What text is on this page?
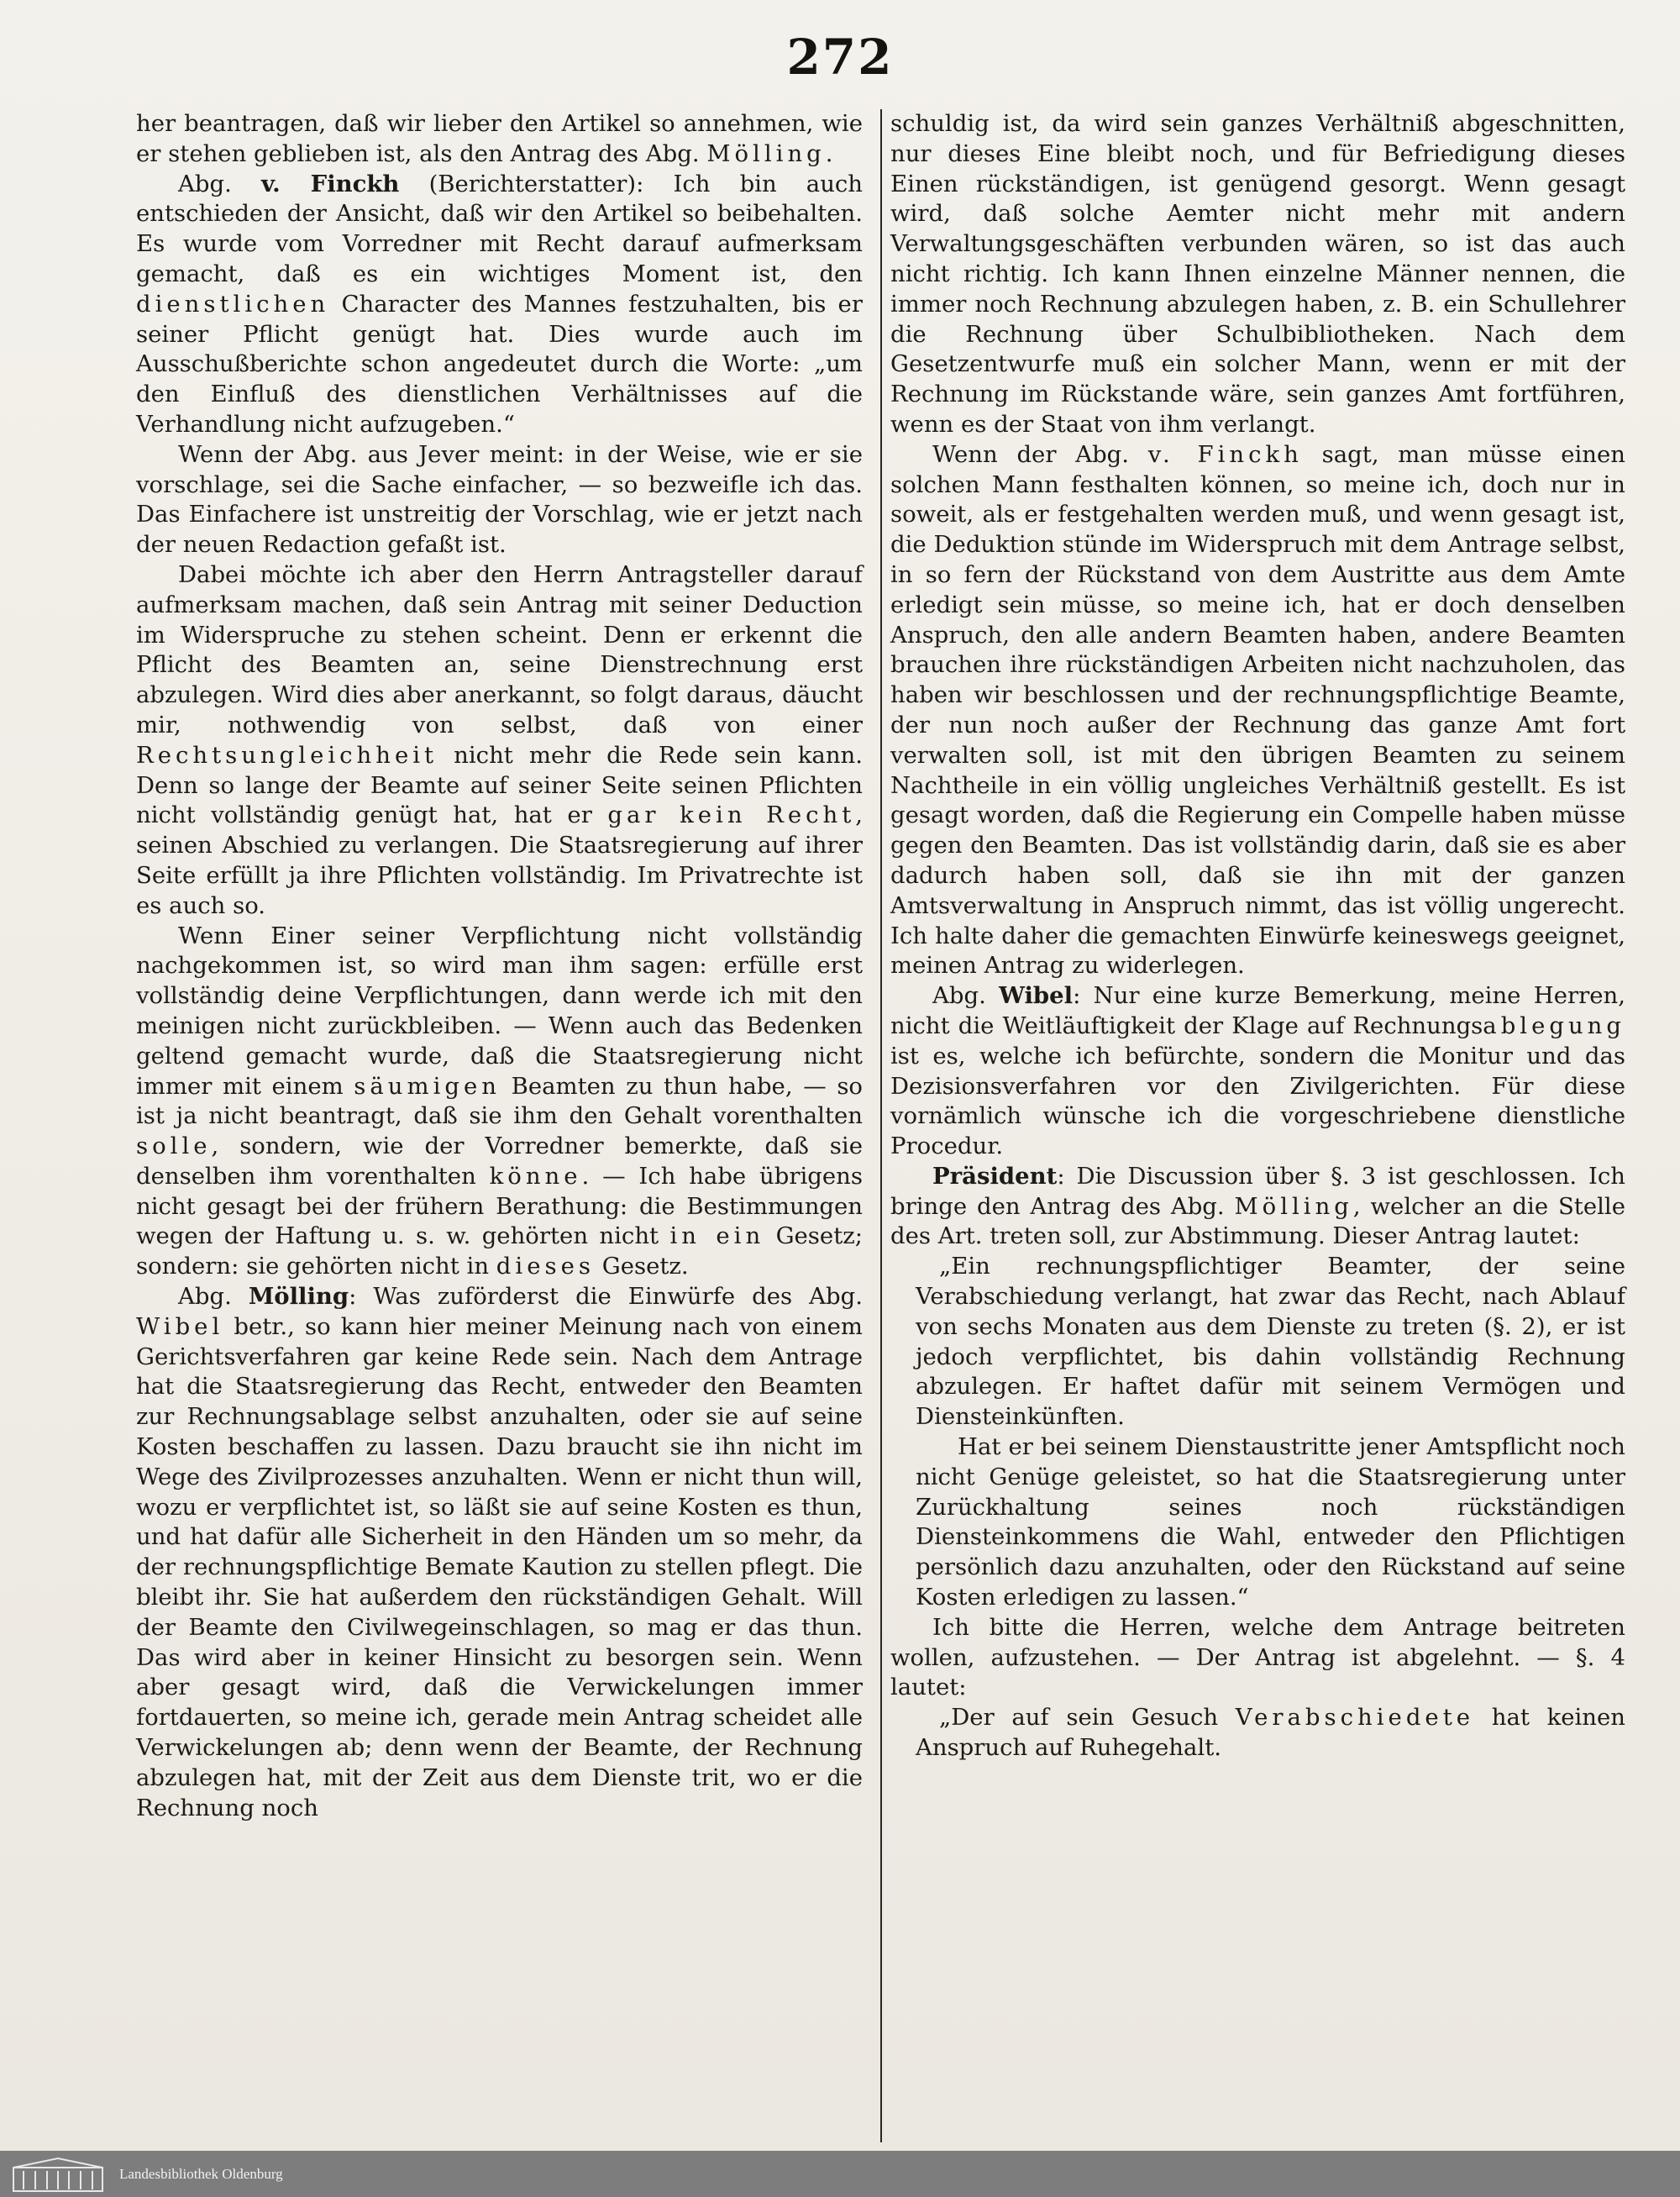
272

her beantragen, daß wir lieber den Artikel so annehmen, wie er stehen geblieben ist, als den Antrag des Abg. Mölling.

Abg. v. Finckh (Berichterstatter): Ich bin auch entschieden der Ansicht, daß wir den Artikel so beibehalten. Es wurde vom Vorredner mit Recht darauf aufmerksam gemacht, daß es ein wichtiges Moment ist, den dienstlichen Character des Mannes festzuhalten, bis er seiner Pflicht genügt hat. Dies wurde auch im Ausschußberichte schon angedeutet durch die Worte: „um den Einfluß des dienstlichen Verhältnisses auf die Verhandlung nicht aufzugeben.“

Wenn der Abg. aus Jever meint: in der Weise, wie er sie vorschlage, sei die Sache einfacher, — so bezweifle ich das. Das Einfachere ist unstreitig der Vorschlag, wie er jetzt nach der neuen Redaction gefaßt ist.

Dabei möchte ich aber den Herrn Antragsteller darauf aufmerksam machen, daß sein Antrag mit seiner Deduction im Widerspruche zu stehen scheint. Denn er erkennt die Pflicht des Beamten an, seine Dienstrechnung erst abzulegen. Wird dies aber anerkannt, so folgt daraus, däucht mir, nothwendig von selbst, daß von einer Rechtsungleichheit nicht mehr die Rede sein kann. Denn so lange der Beamte auf seiner Seite seinen Pflichten nicht vollständig genügt hat, hat er gar kein Recht, seinen Abschied zu verlangen. Die Staatsregierung auf ihrer Seite erfüllt ja ihre Pflichten vollständig. Im Privatrechte ist es auch so.

Wenn Einer seiner Verpflichtung nicht vollständig nachgekommen ist, so wird man ihm sagen: erfülle erst vollständig deine Verpflichtungen, dann werde ich mit den meinigen nicht zurückbleiben. — Wenn auch das Bedenken geltend gemacht wurde, daß die Staatsregierung nicht immer mit einem säumigen Beamten zu thun habe, — so ist ja nicht beantragt, daß sie ihm den Gehalt vorenthalten solle, sondern, wie der Vorredner bemerkte, daß sie denselben ihm vorenthalten könne. — Ich habe übrigens nicht gesagt bei der frühern Berathung: die Bestimmungen wegen der Haftung u. s. w. gehörten nicht in ein Gesetz; sondern: sie gehörten nicht in dieses Gesetz.

Abg. Mölling: Was zuförderst die Einwürfe des Abg. Wibel betr., so kann hier meiner Meinung nach von einem Gerichtsverfahren gar keine Rede sein. Nach dem Antrage hat die Staatsregierung das Recht, entweder den Beamten zur Rechnungsablage selbst anzuhalten, oder sie auf seine Kosten beschaffen zu lassen. Dazu braucht sie ihn nicht im Wege des Zivilprozesses anzuhalten. Wenn er nicht thun will, wozu er verpflichtet ist, so läßt sie auf seine Kosten es thun, und hat dafür alle Sicherheit in den Händen um so mehr, da der rechnungspflichtige Bemate Kaution zu stellen pflegt. Die bleibt ihr. Sie hat außerdem den rückständigen Gehalt. Will der Beamte den Civilwegeinschlagen, so mag er das thun. Das wird aber in keiner Hinsicht zu besorgen sein. Wenn aber gesagt wird, daß die Verwickelungen immer fortdauerten, so meine ich, gerade mein Antrag scheidet alle Verwickelungen ab; denn wenn der Beamte, der Rechnung abzulegen hat, mit der Zeit aus dem Dienste trit, wo er die Rechnung noch

schuldig ist, da wird sein ganzes Verhältniß abgeschnitten, nur dieses Eine bleibt noch, und für Befriedigung dieses Einen rückständigen, ist genügend gesorgt. Wenn gesagt wird, daß solche Aemter nicht mehr mit andern Verwaltungsgeschäften verbunden wären, so ist das auch nicht richtig. Ich kann Ihnen einzelne Männer nennen, die immer noch Rechnung abzulegen haben, z. B. ein Schullehrer die Rechnung über Schulbibliotheken. Nach dem Gesetzentwurfe muß ein solcher Mann, wenn er mit der Rechnung im Rückstande wäre, sein ganzes Amt fortführen, wenn es der Staat von ihm verlangt.

Wenn der Abg. v. Finckh sagt, man müsse einen solchen Mann festhalten können, so meine ich, doch nur in soweit, als er festgehalten werden muß, und wenn gesagt ist, die Deduktion stünde im Widerspruch mit dem Antrage selbst, in so fern der Rückstand von dem Austritte aus dem Amte erledigt sein müsse, so meine ich, hat er doch denselben Anspruch, den alle andern Beamten haben, andere Beamten brauchen ihre rückständigen Arbeiten nicht nachzuholen, das haben wir beschlossen und der rechnungspflichtige Beamte, der nun noch außer der Rechnung das ganze Amt fort verwalten soll, ist mit den übrigen Beamten zu seinem Nachtheile in ein völlig ungleiches Verhältniß gestellt. Es ist gesagt worden, daß die Regierung ein Compelle haben müsse gegen den Beamten. Das ist vollständig darin, daß sie es aber dadurch haben soll, daß sie ihn mit der ganzen Amtsverwaltung in Anspruch nimmt, das ist völlig ungerecht. Ich halte daher die gemachten Einwürfe keineswegs geeignet, meinen Antrag zu widerlegen.

Abg. Wibel: Nur eine kurze Bemerkung, meine Herren, nicht die Weitläuftigkeit der Klage auf Rechnungsablegung ist es, welche ich befürchte, sondern die Monitur und das Dezisionsverfahren vor den Zivilgerichten. Für diese vornämlich wünsche ich die vorgeschriebene dienstliche Procedur.

Präsident: Die Discussion über §. 3 ist geschlossen. Ich bringe den Antrag des Abg. Mölling, welcher an die Stelle des Art. treten soll, zur Abstimmung. Dieser Antrag lautet:

„Ein rechnungspflichtiger Beamter, der seine Verabschiedung verlangt, hat zwar das Recht, nach Ablauf von sechs Monaten aus dem Dienste zu treten (§. 2), er ist jedoch verpflichtet, bis dahin vollständig Rechnung abzulegen. Er haftet dafür mit seinem Vermögen und Diensteinkünften.

Hat er bei seinem Dienstaustritte jener Amtspflicht noch nicht Genüge geleistet, so hat die Staatsregierung unter Zurückhaltung seines noch rückständigen Diensteinkommens die Wahl, entweder den Pflichtigen persönlich dazu anzuhalten, oder den Rückstand auf seine Kosten erledigen zu lassen.“

Ich bitte die Herren, welche dem Antrage beitreten wollen, aufzustehen. — Der Antrag ist abgelehnt. — §. 4 lautet:

„Der auf sein Gesuch Verabschiedete hat keinen Anspruch auf Ruhegehalt.

Landesbibliothek Oldenburg
